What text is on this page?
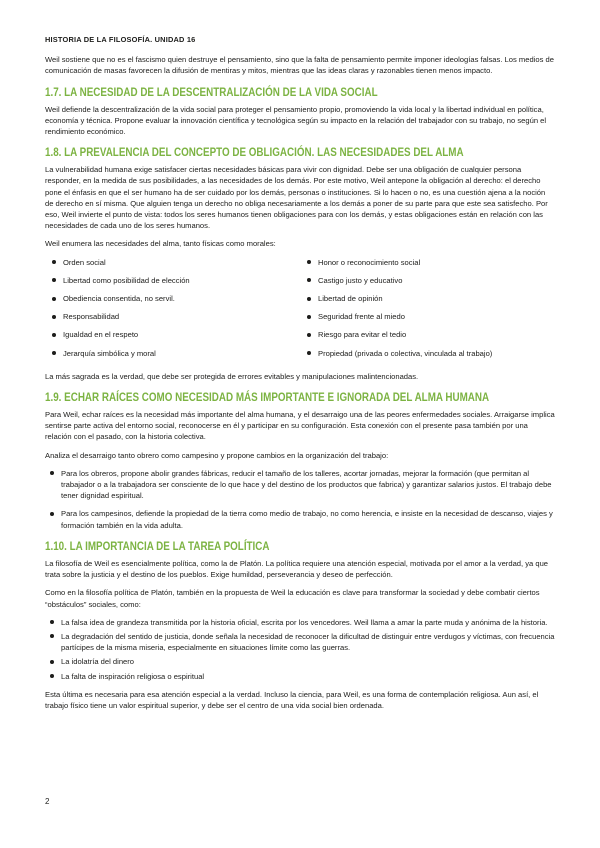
HISTORIA DE LA FILOSOFÍA. UNIDAD 16

Weil sostiene que no es el fascismo quien destruye el pensamiento, sino que la falta de pensamiento permite imponer ideologías falsas. Los medios de comunicación de masas favorecen la difusión de mentiras y mitos, mientras que las ideas claras y razonables tienen menos impacto.

1.7. LA NECESIDAD DE LA DESCENTRALIZACIÓN DE LA VIDA SOCIAL

Weil defiende la descentralización de la vida social para proteger el pensamiento propio, promoviendo la vida local y la libertad individual en política, economía y técnica. Propone evaluar la innovación científica y tecnológica según su impacto en la relación del trabajador con su trabajo, no según el rendimiento económico.

1.8. LA PREVALENCIA DEL CONCEPTO DE OBLIGACIÓN. LAS NECESIDADES DEL ALMA

La vulnerabilidad humana exige satisfacer ciertas necesidades básicas para vivir con dignidad. Debe ser una obligación de cualquier persona responder, en la medida de sus posibilidades, a las necesidades de los demás. Por este motivo, Weil antepone la obligación al derecho: el derecho pone el énfasis en que el ser humano ha de ser cuidado por los demás, personas o instituciones. Si lo hacen o no, es una cuestión ajena a la noción de derecho en sí misma. Que alguien tenga un derecho no obliga necesariamente a los demás a poner de su parte para que este sea satisfecho. Por eso, Weil invierte el punto de vista: todos los seres humanos tienen obligaciones para con los demás, y estas obligaciones están en relación con las necesidades de cada uno de los seres humanos.

Weil enumera las necesidades del alma, tanto físicas como morales:

Orden social
Libertad como posibilidad de elección
Obediencia consentida, no servil.
Responsabilidad
Igualdad en el respeto
Jerarquía simbólica y moral
Honor o reconocimiento social
Castigo justo y educativo
Libertad de opinión
Seguridad frente al miedo
Riesgo para evitar el tedio
Propiedad (privada o colectiva, vinculada al trabajo)

La más sagrada es la verdad, que debe ser protegida de errores evitables y manipulaciones malintencionadas.

1.9. ECHAR RAÍCES COMO NECESIDAD MÁS IMPORTANTE E IGNORADA DEL ALMA HUMANA

Para Weil, echar raíces es la necesidad más importante del alma humana, y el desarraigo una de las peores enfermedades sociales. Arraigarse implica sentirse parte activa del entorno social, reconocerse en él y participar en su configuración. Esta conexión con el presente pasa también por una relación con el pasado, con la historia colectiva.

Analiza el desarraigo tanto obrero como campesino y propone cambios en la organización del trabajo:

Para los obreros, propone abolir grandes fábricas, reducir el tamaño de los talleres, acortar jornadas, mejorar la formación (que permitan al trabajador o a la trabajadora ser consciente de lo que hace y del destino de los productos que fabrica) y garantizar salarios justos. El trabajo debe tener dignidad espiritual.
Para los campesinos, defiende la propiedad de la tierra como medio de trabajo, no como herencia, e insiste en la necesidad de descanso, viajes y formación también en la vida adulta.
1.10. LA IMPORTANCIA DE LA TAREA POLÍTICA

La filosofía de Weil es esencialmente política, como la de Platón. La política requiere una atención especial, motivada por el amor a la verdad, ya que trata sobre la justicia y el destino de los pueblos. Exige humildad, perseverancia y deseo de perfección.

Como en la filosofía política de Platón, también en la propuesta de Weil la educación es clave para transformar la sociedad y debe combatir ciertos “obstáculos” sociales, como:

La falsa idea de grandeza transmitida por la historia oficial, escrita por los vencedores. Weil llama a amar la parte muda y anónima de la historia.
La degradación del sentido de justicia, donde señala la necesidad de reconocer la dificultad de distinguir entre verdugos y víctimas, con frecuencia partícipes de la misma miseria, especialmente en situaciones límite como las guerras.
La idolatría del dinero
La falta de inspiración religiosa o espiritual

Esta última es necesaria para esa atención especial a la verdad. Incluso la ciencia, para Weil, es una forma de contemplación religiosa. Aun así, el trabajo físico tiene un valor espiritual superior, y debe ser el centro de una vida social bien ordenada.

2
